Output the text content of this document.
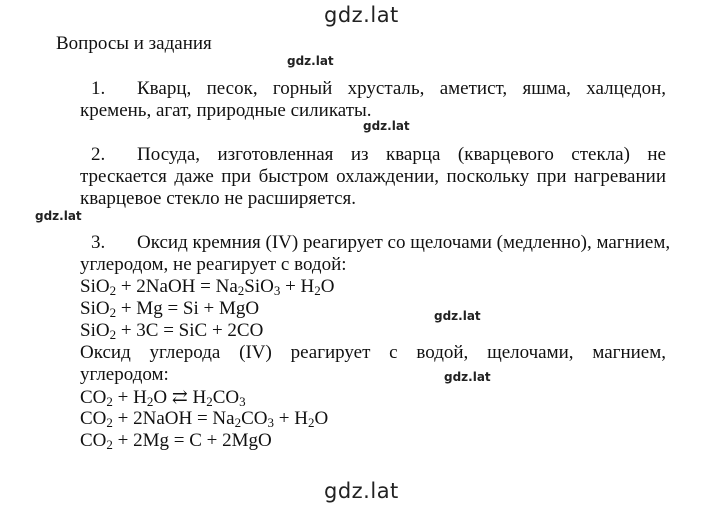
gdz.lat
gdz.lat
gdz.lat
gdz.lat
gdz.lat
gdz.lat
gdz.lat
Вопросы и задания
1. Кварц, песок, горный хрусталь, аметист, яшма, халцедон,
кремень, агат, природные силикаты.
2. Посуда, изготовленная из кварца (кварцевого стекла) не
трескается даже при быстром охлаждении, поскольку при нагревании
кварцевое стекло не расширяется.
3. Оксид кремния (IV) реагирует со щелочами (медленно), магнием,
углеродом, не реагирует с водой:
SiO$_2$ + 2NaOH = $Na_2SiO_3 + H_2O$
SiO$_2$ + Mg = Si + MgO
SiO$_2$ + 3C = SiC + 2CO
Оксид углерода (IV) реагирует с водой, щелочами, магнием,
углеродом:
$CO_2 + H_2O$ ⇄ $H_2CO_3$
$CO_2$ + 2NaOH = $Na_2CO_3 + H_2O$
$CO_2 + 2Mg = C + 2MgO$
